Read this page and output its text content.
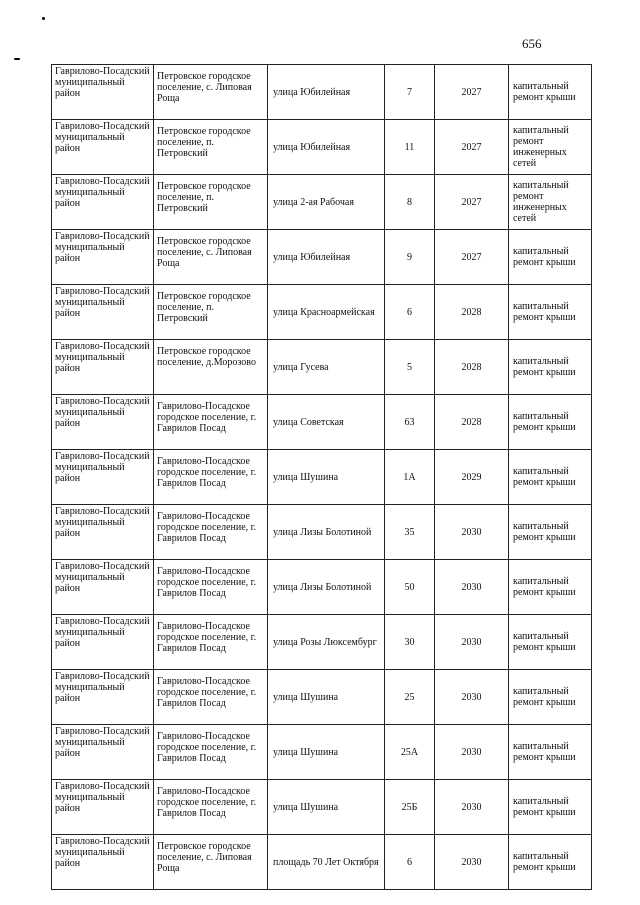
656
Гаврилово-Посадский муниципальный район	Петровское городское поселение, с. Липовая Роща	улица Юбилейная	7	2027	капитальный ремонт крыши
Гаврилово-Посадский муниципальный район	Петровское городское поселение, п. Петровский	улица Юбилейная	11	2027	капитальный ремонт инженерных сетей
Гаврилово-Посадский муниципальный район	Петровское городское поселение, п. Петровский	улица 2-ая Рабочая	8	2027	капитальный ремонт инженерных сетей
Гаврилово-Посадский муниципальный район	Петровское городское поселение, с. Липовая Роща	улица Юбилейная	9	2027	капитальный ремонт крыши
Гаврилово-Посадский муниципальный район	Петровское городское поселение, п. Петровский	улица Красноармейская	6	2028	капитальный ремонт крыши
Гаврилово-Посадский муниципальный район	Петровское городское поселение, д.Морозово	улица Гусева	5	2028	капитальный ремонт крыши
Гаврилово-Посадский муниципальный район	Гаврилово-Посадское городское поселение, г. Гаврилов Посад	улица Советская	63	2028	капитальный ремонт крыши
Гаврилово-Посадский муниципальный район	Гаврилово-Посадское городское поселение, г. Гаврилов Посад	улица Шушина	1А	2029	капитальный ремонт крыши
Гаврилово-Посадский муниципальный район	Гаврилово-Посадское городское поселение, г. Гаврилов Посад	улица Лизы Болотиной	35	2030	капитальный ремонт крыши
Гаврилово-Посадский муниципальный район	Гаврилово-Посадское городское поселение, г. Гаврилов Посад	улица Лизы Болотиной	50	2030	капитальный ремонт крыши
Гаврилово-Посадский муниципальный район	Гаврилово-Посадское городское поселение, г. Гаврилов Посад	улица Розы Люксембург	30	2030	капитальный ремонт крыши
Гаврилово-Посадский муниципальный район	Гаврилово-Посадское городское поселение, г. Гаврилов Посад	улица Шушина	25	2030	капитальный ремонт крыши
Гаврилово-Посадский муниципальный район	Гаврилово-Посадское городское поселение, г. Гаврилов Посад	улица Шушина	25А	2030	капитальный ремонт крыши
Гаврилово-Посадский муниципальный район	Гаврилово-Посадское городское поселение, г. Гаврилов Посад	улица Шушина	25Б	2030	капитальный ремонт крыши
Гаврилово-Посадский муниципальный район	Петровское городское поселение, с. Липовая Роща	площадь 70 Лет Октября	6	2030	капитальный ремонт крыши
